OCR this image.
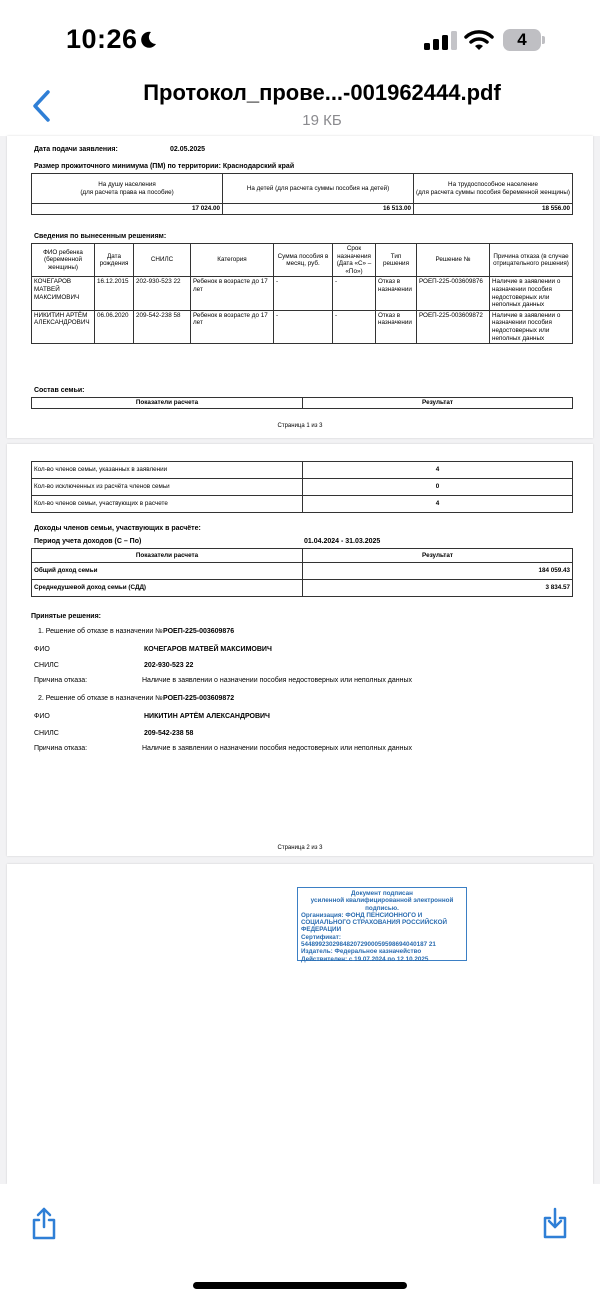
10:26	4
Протокол_прове...-001962444.pdf
19 КБ
Дата подачи заявления:	02.05.2025
Размер прожиточного минимума (ПМ) по территории: Краснодарский край
На душу населения
(для расчета права на пособие)	На детей (для расчета суммы пособия на детей)	На трудоспособное население
(для расчета суммы пособия беременной женщины)
17 024.00	16 513.00	18 556.00
Сведения по вынесенным решениям:
ФИО ребенка (беременной женщины)	Дата рождения	СНИЛС	Категория	Сумма пособия в месяц, руб.	Срок назначения (Дата «С» – «По»)	Тип решения	Решение №	Причина отказа (в случае отрицательного решения)
КОЧЕГАРОВ МАТВЕЙ МАКСИМОВИЧ	16.12.2015	202-930-523 22	Ребенок в возрасте до 17 лет	-	-	Отказ в назначении	РОЕП-225-003609876	Наличие в заявлении о назначении пособия недостоверных или неполных данных
НИКИТИН АРТЁМ АЛЕКСАНДРОВИЧ	06.06.2020	209-542-238 58	Ребенок в возрасте до 17 лет	-	-	Отказ в назначении	РОЕП-225-003609872	Наличие в заявлении о назначении пособия недостоверных или неполных данных
Состав семьи:
Показатели расчета	Результат
Страница 1 из 3
Кол-во членов семьи, указанных в заявлении	4
Кол-во исключенных из расчёта членов семьи	0
Кол-во членов семьи, участвующих в расчете	4
Доходы членов семьи, участвующих в расчёте:
Период учета доходов (С – По)	01.04.2024 - 31.03.2025
Показатели расчета	Результат
Общий доход семьи	184 059.43
Среднедушевой доход семьи (СДД)	3 834.57
Принятые решения:
1. Решение об отказе в назначении № РОЕП-225-003609876
ФИО	КОЧЕГАРОВ МАТВЕЙ МАКСИМОВИЧ
СНИЛС	202-930-523 22
Причина отказа:	Наличие в заявлении о назначении пособия недостоверных или неполных данных
2. Решение об отказе в назначении № РОЕП-225-003609872
ФИО	НИКИТИН АРТЁМ АЛЕКСАНДРОВИЧ
СНИЛС	209-542-238 58
Причина отказа:	Наличие в заявлении о назначении пособия недостоверных или неполных данных
Страница 2 из 3
Документ подписан
усиленной квалифицированной электронной подписью.
Организация: ФОНД ПЕНСИОННОГО И СОЦИАЛЬНОГО СТРАХОВАНИЯ РОССИЙСКОЙ ФЕДЕРАЦИИ
Сертификат:
544899230298482072900059598694040187 21
Издатель: Федеральное казначейство
Действителен: с 19.07.2024 по 12.10.2025
